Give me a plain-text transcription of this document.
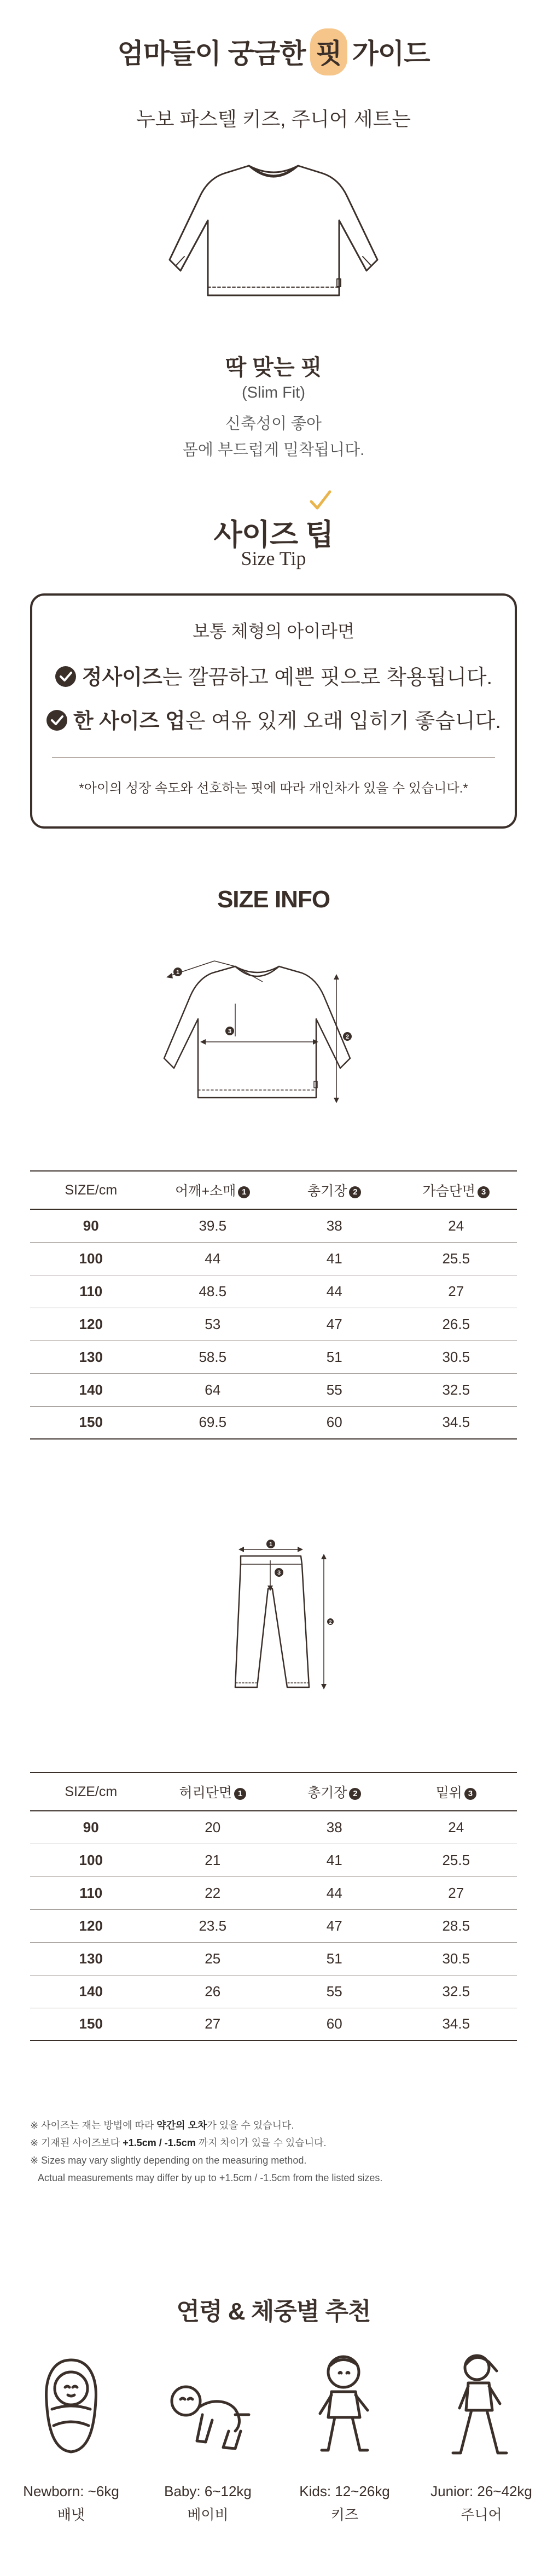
엄마들이 궁금한 핏 가이드
누보 파스텔 키즈, 주니어 세트는
딱 맞는 핏
(Slim Fit)
신축성이 좋아
몸에 부드럽게 밀착됩니다.
사이즈 팁
Size Tip
보통 체형의 아이라면
정사이즈는 깔끔하고 예쁜 핏으로 착용됩니다.
한 사이즈 업은 여유 있게 오래 입히기 좋습니다.
*아이의 성장 속도와 선호하는 핏에 따라 개인차가 있을 수 있습니다.*
SIZE INFO
1
2
3
SIZE/cm	어깨+소매 1	총기장 2	가슴단면 3
90	39.5	38	24
100	44	41	25.5
110	48.5	44	27
120	53	47	26.5
130	58.5	51	30.5
140	64	55	32.5
150	69.5	60	34.5
1
2
3
SIZE/cm	허리단면 1	총기장 2	밑위 3
90	20	38	24
100	21	41	25.5
110	22	44	27
120	23.5	47	28.5
130	25	51	30.5
140	26	55	32.5
150	27	60	34.5

※ 사이즈는 재는 방법에 따라 약간의 오차가 있을 수 있습니다.

※ 기재된 사이즈보다 +1.5cm / -1.5cm 까지 차이가 있을 수 있습니다.

※ Sizes may vary slightly depending on the measuring method.

Actual measurements may differ by up to +1.5cm / -1.5cm from the listed sizes.

연령 & 체중별 추천
Newborn: ~6kg
배냇
Baby: 6~12kg
베이비
Kids: 12~26kg
키즈
Junior: 26~42kg
주니어
